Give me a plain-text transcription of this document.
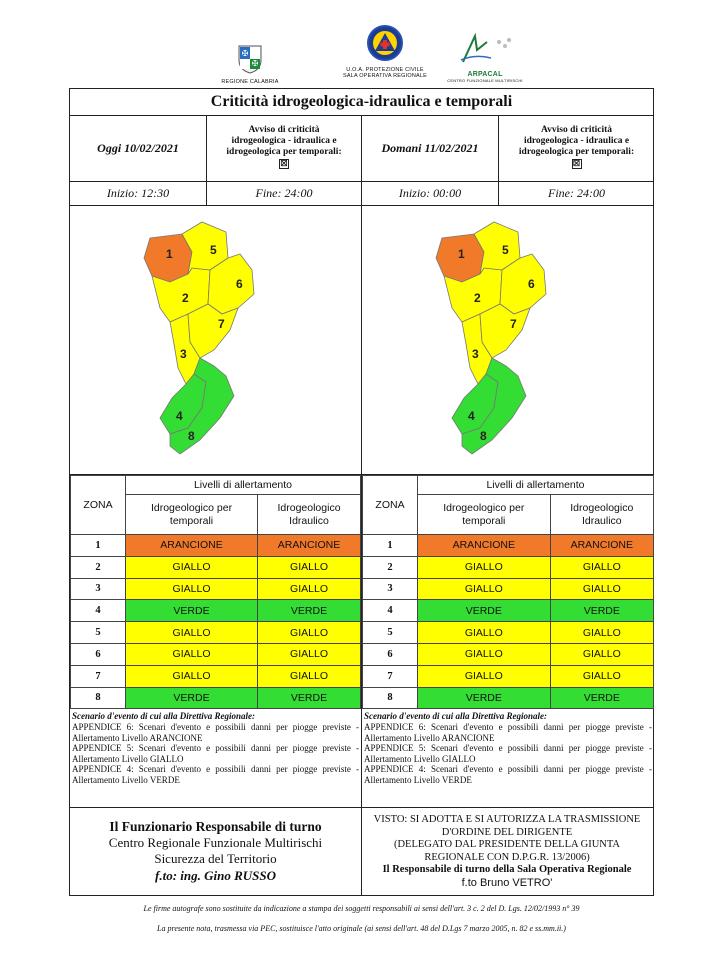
✠
✠
REGIONE CALABRIA
U.O.A. PROTEZIONE CIVILE
SALA OPERATIVA REGIONALE	ARPACAL
CENTRO FUNZIONALE MULTIRISCHI
Criticità idrogeologica-idraulica e temporali
Oggi 10/02/2021
Avviso di criticità
idrogeologica - idraulica e
idrogeologica per temporali:
☒
Inizio: 12:30	Fine: 24:00
1
2
3
4
5
6
7
8
ZONA	Livelli di allertamento	
	Idrogeologico per
temporali	Idrogeologico
Idraulico
1	ARANCIONE	ARANCIONE
2	GIALLO	GIALLO
3	GIALLO	GIALLO
4	VERDE	VERDE
5	GIALLO	GIALLO
6	GIALLO	GIALLO
7	GIALLO	GIALLO
8	VERDE	VERDE
Scenario d'evento di cui alla Direttiva Regionale:
APPENDICE 6: Scenari d'evento e possibili danni per piogge previste - Allertamento Livello ARANCIONE
APPENDICE 5: Scenari d'evento e possibili danni per piogge previste - Allertamento Livello GIALLO
APPENDICE 4: Scenari d'evento e possibili danni per piogge previste - Allertamento Livello VERDE
Domani 11/02/2021
Avviso di criticità
idrogeologica - idraulica e
idrogeologica per temporali:
☒
Inizio: 00:00	Fine: 24:00
1
2
3
4
5
6
7
8
ZONA	Livelli di allertamento	
	Idrogeologico per
temporali	Idrogeologico
Idraulico
1	ARANCIONE	ARANCIONE
2	GIALLO	GIALLO
3	GIALLO	GIALLO
4	VERDE	VERDE
5	GIALLO	GIALLO
6	GIALLO	GIALLO
7	GIALLO	GIALLO
8	VERDE	VERDE
Scenario d'evento di cui alla Direttiva Regionale:
APPENDICE 6: Scenari d'evento e possibili danni per piogge previste - Allertamento Livello ARANCIONE
APPENDICE 5: Scenari d'evento e possibili danni per piogge previste - Allertamento Livello GIALLO
APPENDICE 4: Scenari d'evento e possibili danni per piogge previste - Allertamento Livello VERDE
Il Funzionario Responsabile di turno
Centro Regionale Funzionale Multirischi
Sicurezza del Territorio
f.to: ing. Gino RUSSO
VISTO: SI ADOTTA E SI AUTORIZZA LA TRASMISSIONE
D'ORDINE DEL DIRIGENTE
(DELEGATO DAL PRESIDENTE DELLA GIUNTA
REGIONALE CON D.P.G.R. 13/2006)
Il Responsabile di turno della Sala Operativa Regionale
f.to Bruno VETRO'
Le firme autografe sono sostituite da indicazione a stampa dei soggetti responsabili ai sensi dell'art. 3 c. 2 del D. Lgs. 12/02/1993 n° 39
La presente nota, trasmessa via PEC, sostituisce l'atto originale (ai sensi dell'art. 48 del D.Lgs 7 marzo 2005, n. 82 e ss.mm.ii.)
